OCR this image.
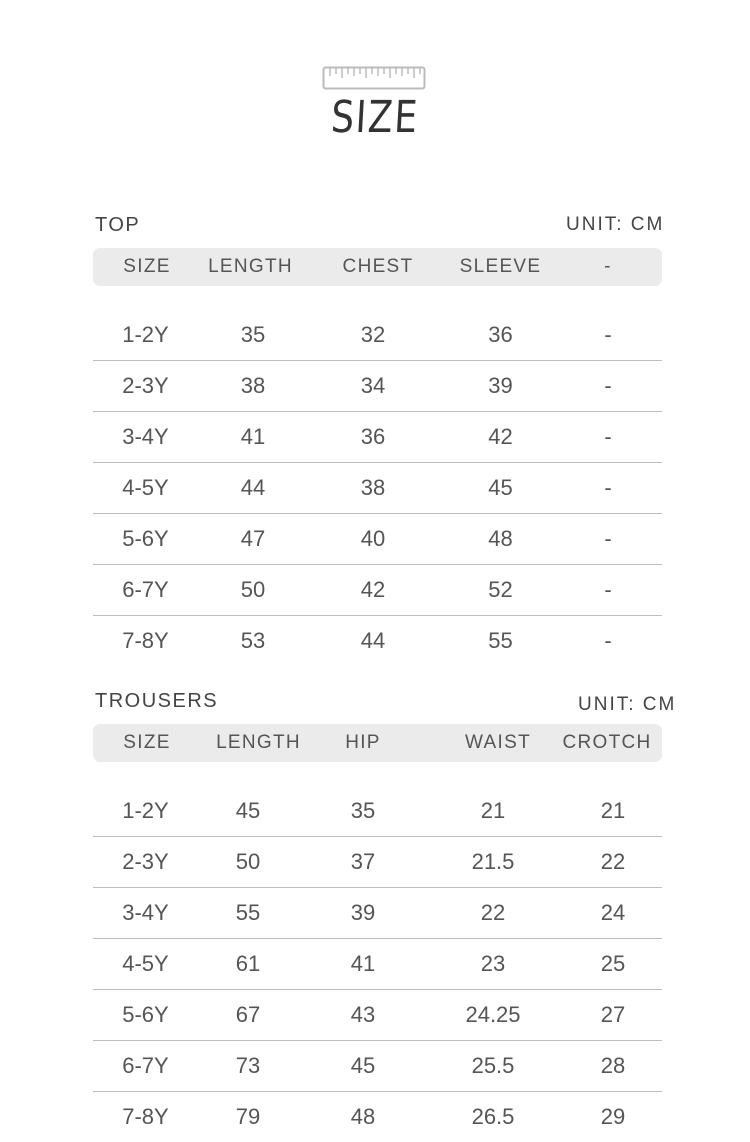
SIZE
TOP	UNIT: CM
SIZE	LENGTH	CHEST	SLEEVE	-
1-2Y	35	32	36	-
2-3Y	38	34	39	-
3-4Y	41	36	42	-
4-5Y	44	38	45	-
5-6Y	47	40	48	-
6-7Y	50	42	52	-
7-8Y	53	44	55	-
TROUSERS	UNIT: CM
SIZE	LENGTH	HIP	WAIST	CROTCH
1-2Y	45	35	21	21
2-3Y	50	37	21.5	22
3-4Y	55	39	22	24
4-5Y	61	41	23	25
5-6Y	67	43	24.25	27
6-7Y	73	45	25.5	28
7-8Y	79	48	26.5	29
